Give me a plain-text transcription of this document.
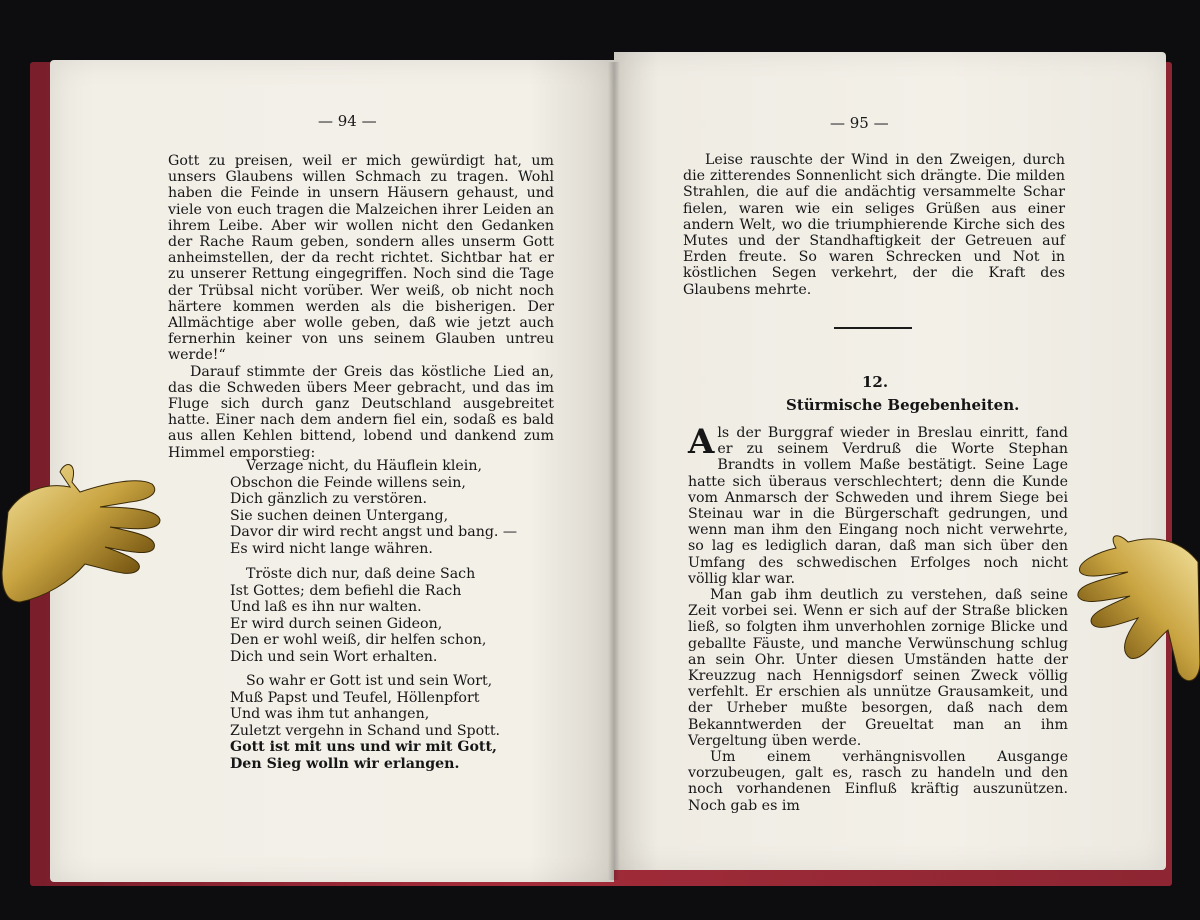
— 94 —

Gott zu preisen, weil er mich gewürdigt hat, um unsers Glaubens willen Schmach zu tragen. Wohl haben die Feinde in unsern Häusern gehaust, und viele von euch tragen die Malzeichen ihrer Leiden an ihrem Leibe. Aber wir wollen nicht den Gedanken der Rache Raum geben, sondern alles unserm Gott anheimstellen, der da recht richtet. Sichtbar hat er zu unserer Rettung eingegriffen. Noch sind die Tage der Trübsal nicht vorüber. Wer weiß, ob nicht noch härtere kommen werden als die bisherigen. Der Allmächtige aber wolle geben, daß wie jetzt auch fernerhin keiner von uns seinem Glauben untreu werde!“

Darauf stimmte der Greis das köstliche Lied an, das die Schweden übers Meer gebracht, und das im Fluge sich durch ganz Deutschland ausgebreitet hatte. Einer nach dem andern fiel ein, sodaß es bald aus allen Kehlen bittend, lobend und dankend zum Himmel emporstieg:

Verzage nicht, du Häuflein klein,
Obschon die Feinde willens sein,
Dich gänzlich zu verstören.
Sie suchen deinen Untergang,
Davor dir wird recht angst und bang. —
Es wird nicht lange währen.
Tröste dich nur, daß deine Sach
Ist Gottes; dem befiehl die Rach
Und laß es ihn nur walten.
Er wird durch seinen Gideon,
Den er wohl weiß, dir helfen schon,
Dich und sein Wort erhalten.
So wahr er Gott ist und sein Wort,
Muß Papst und Teufel, Höllenpfort
Und was ihm tut anhangen,
Zuletzt vergehn in Schand und Spott.
Gott ist mit uns und wir mit Gott,
Den Sieg wolln wir erlangen.
— 95 —

Leise rauschte der Wind in den Zweigen, durch die zitterendes Sonnenlicht sich drängte. Die milden Strahlen, die auf die andächtig versammelte Schar fielen, waren wie ein seliges Grüßen aus einer andern Welt, wo die triumphierende Kirche sich des Mutes und der Standhaftigkeit der Getreuen auf Erden freute. So waren Schrecken und Not in köstlichen Segen verkehrt, der die Kraft des Glaubens mehrte.

12.
Stürmische Begebenheiten.

Als der Burggraf wieder in Breslau einritt, fand er zu seinem Verdruß die Worte Stephan Brandts in vollem Maße bestätigt. Seine Lage hatte sich überaus verschlechtert; denn die Kunde vom Anmarsch der Schweden und ihrem Siege bei Steinau war in die Bürgerschaft gedrungen, und wenn man ihm den Eingang noch nicht verwehrte, so lag es lediglich daran, daß man sich über den Umfang des schwedischen Erfolges noch nicht völlig klar war.

Man gab ihm deutlich zu verstehen, daß seine Zeit vorbei sei. Wenn er sich auf der Straße blicken ließ, so folgten ihm unverhohlen zornige Blicke und geballte Fäuste, und manche Verwünschung schlug an sein Ohr. Unter diesen Umständen hatte der Kreuzzug nach Hennigsdorf seinen Zweck völlig verfehlt. Er erschien als unnütze Grausamkeit, und der Urheber mußte besorgen, daß nach dem Bekanntwerden der Greueltat man an ihm Vergeltung üben werde.

Um einem verhängnisvollen Ausgange vorzubeugen, galt es, rasch zu handeln und den noch vorhandenen Einfluß kräftig auszunützen. Noch gab es im
